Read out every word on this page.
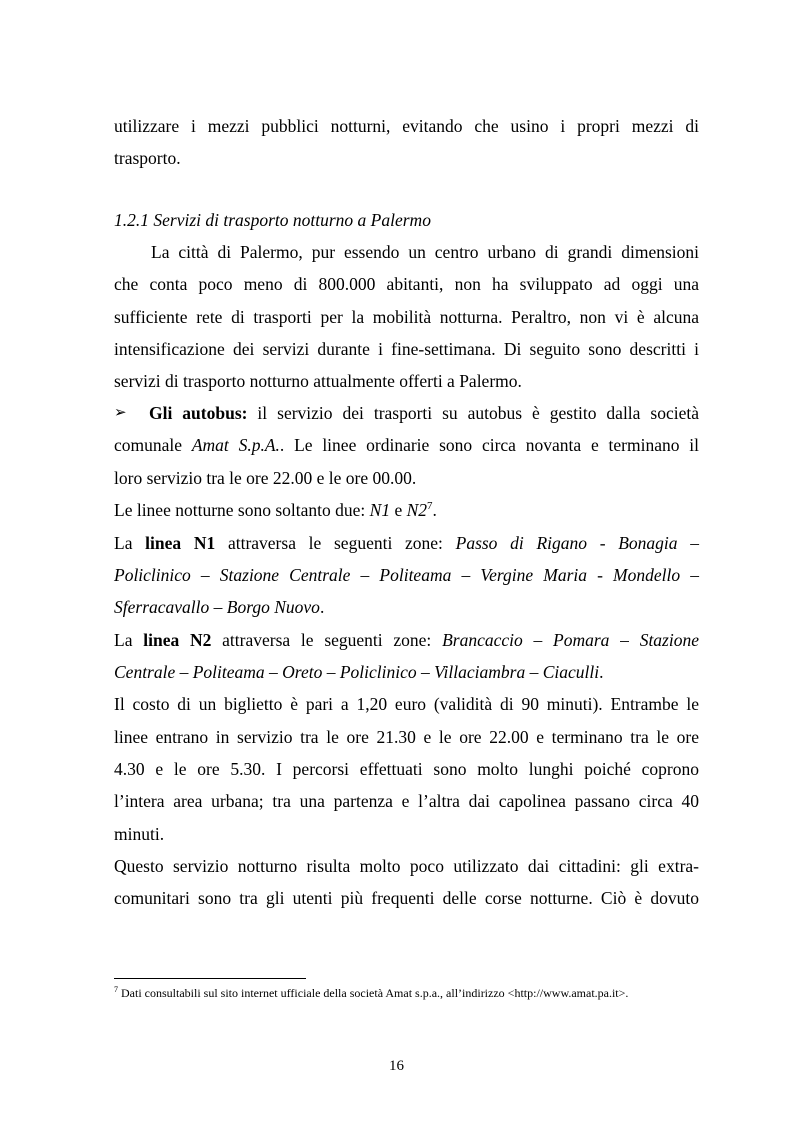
utilizzare i mezzi pubblici notturni, evitando che usino i propri mezzi di
trasporto.
1.2.1 Servizi di trasporto notturno a Palermo
La città di Palermo, pur essendo un centro urbano di grandi dimensioni
che conta poco meno di 800.000 abitanti, non ha sviluppato ad oggi una
sufficiente rete di trasporti per la mobilità notturna. Peraltro, non vi è alcuna
intensificazione dei servizi durante i fine-settimana. Di seguito sono descritti i
servizi di trasporto notturno attualmente offerti a Palermo.
➢ Gli autobus: il servizio dei trasporti su autobus è gestito dalla società
comunale Amat S.p.A.. Le linee ordinarie sono circa novanta e terminano il
loro servizio tra le ore 22.00 e le ore 00.00.
Le linee notturne sono soltanto due: N1 e $N2^7$.
La linea N1 attraversa le seguenti zone: Passo di Rigano - Bonagia –
Policlinico – Stazione Centrale – Politeama – Vergine Maria - Mondello –
Sferracavallo – Borgo Nuovo.
La linea N2 attraversa le seguenti zone: Brancaccio – Pomara – Stazione
Centrale – Politeama – Oreto – Policlinico – Villaciambra – Ciaculli.
Il costo di un biglietto è pari a 1,20 euro (validità di 90 minuti). Entrambe le
linee entrano in servizio tra le ore 21.30 e le ore 22.00 e terminano tra le ore
4.30 e le ore 5.30. I percorsi effettuati sono molto lunghi poiché coprono
l’intera area urbana; tra una partenza e l’altra dai capolinea passano circa 40
minuti.
Questo servizio notturno risulta molto poco utilizzato dai cittadini: gli extra-
comunitari sono tra gli utenti più frequenti delle corse notturne. Ciò è dovuto
$^7$ Dati consultabili sul sito internet ufficiale della società Amat s.p.a., all’indirizzo <http://www.amat.pa.it>.
16
